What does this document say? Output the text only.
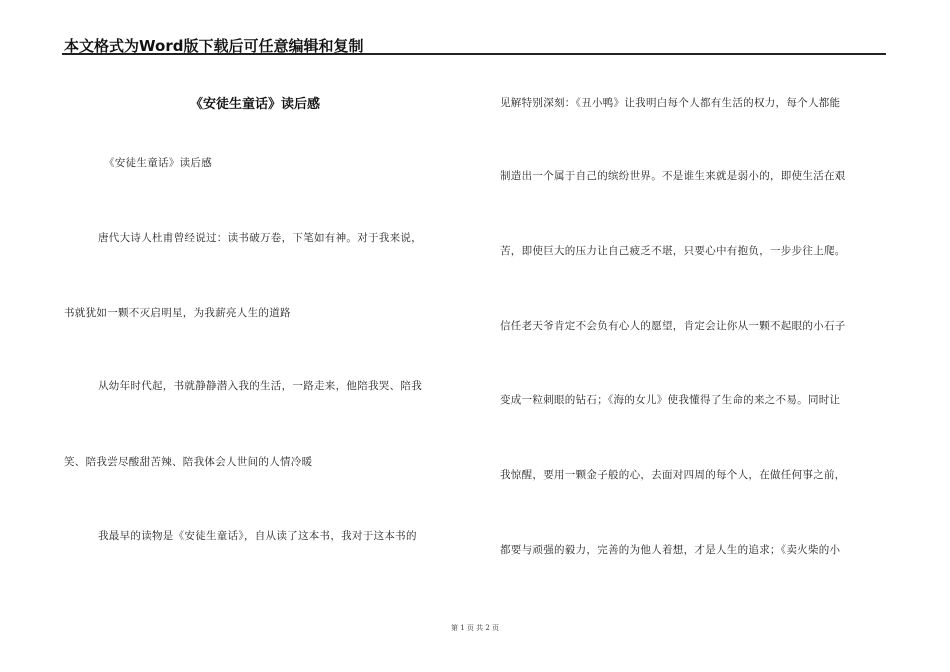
本文格式为Word版下载后可任意编辑和复制
《安徒生童话》读后感
《安徒生童话》读后感
唐代大诗人杜甫曾经说过：读书破万卷，下笔如有神。对于我来说，
书就犹如一颗不灭启明星，为我薪亮人生的道路
从幼年时代起，书就静静潜入我的生活，一路走来，他陪我哭、陪我
笑、陪我尝尽酸甜苦辣、陪我体会人世间的人情冷暖
我最早的读物是《安徒生童话》，自从读了这本书，我对于这本书的
见解特别深刻：《丑小鸭》让我明白每个人都有生活的权力，每个人都能
制造出一个属于自己的缤纷世界。不是谁生来就是弱小的，即使生活在艰
苦，即使巨大的压力让自己疲乏不堪，只要心中有抱负，一步步往上爬。
信任老天爷肯定不会负有心人的愿望，肯定会让你从一颗不起眼的小石子
变成一粒刺眼的钻石；《海的女儿》使我懂得了生命的来之不易。同时让
我惊醒，要用一颗金子般的心，去面对四周的每个人，在做任何事之前，
都要与顽强的毅力，完善的为他人着想，才是人生的追求；《卖火柴的小
第 1 页 共 2 页
